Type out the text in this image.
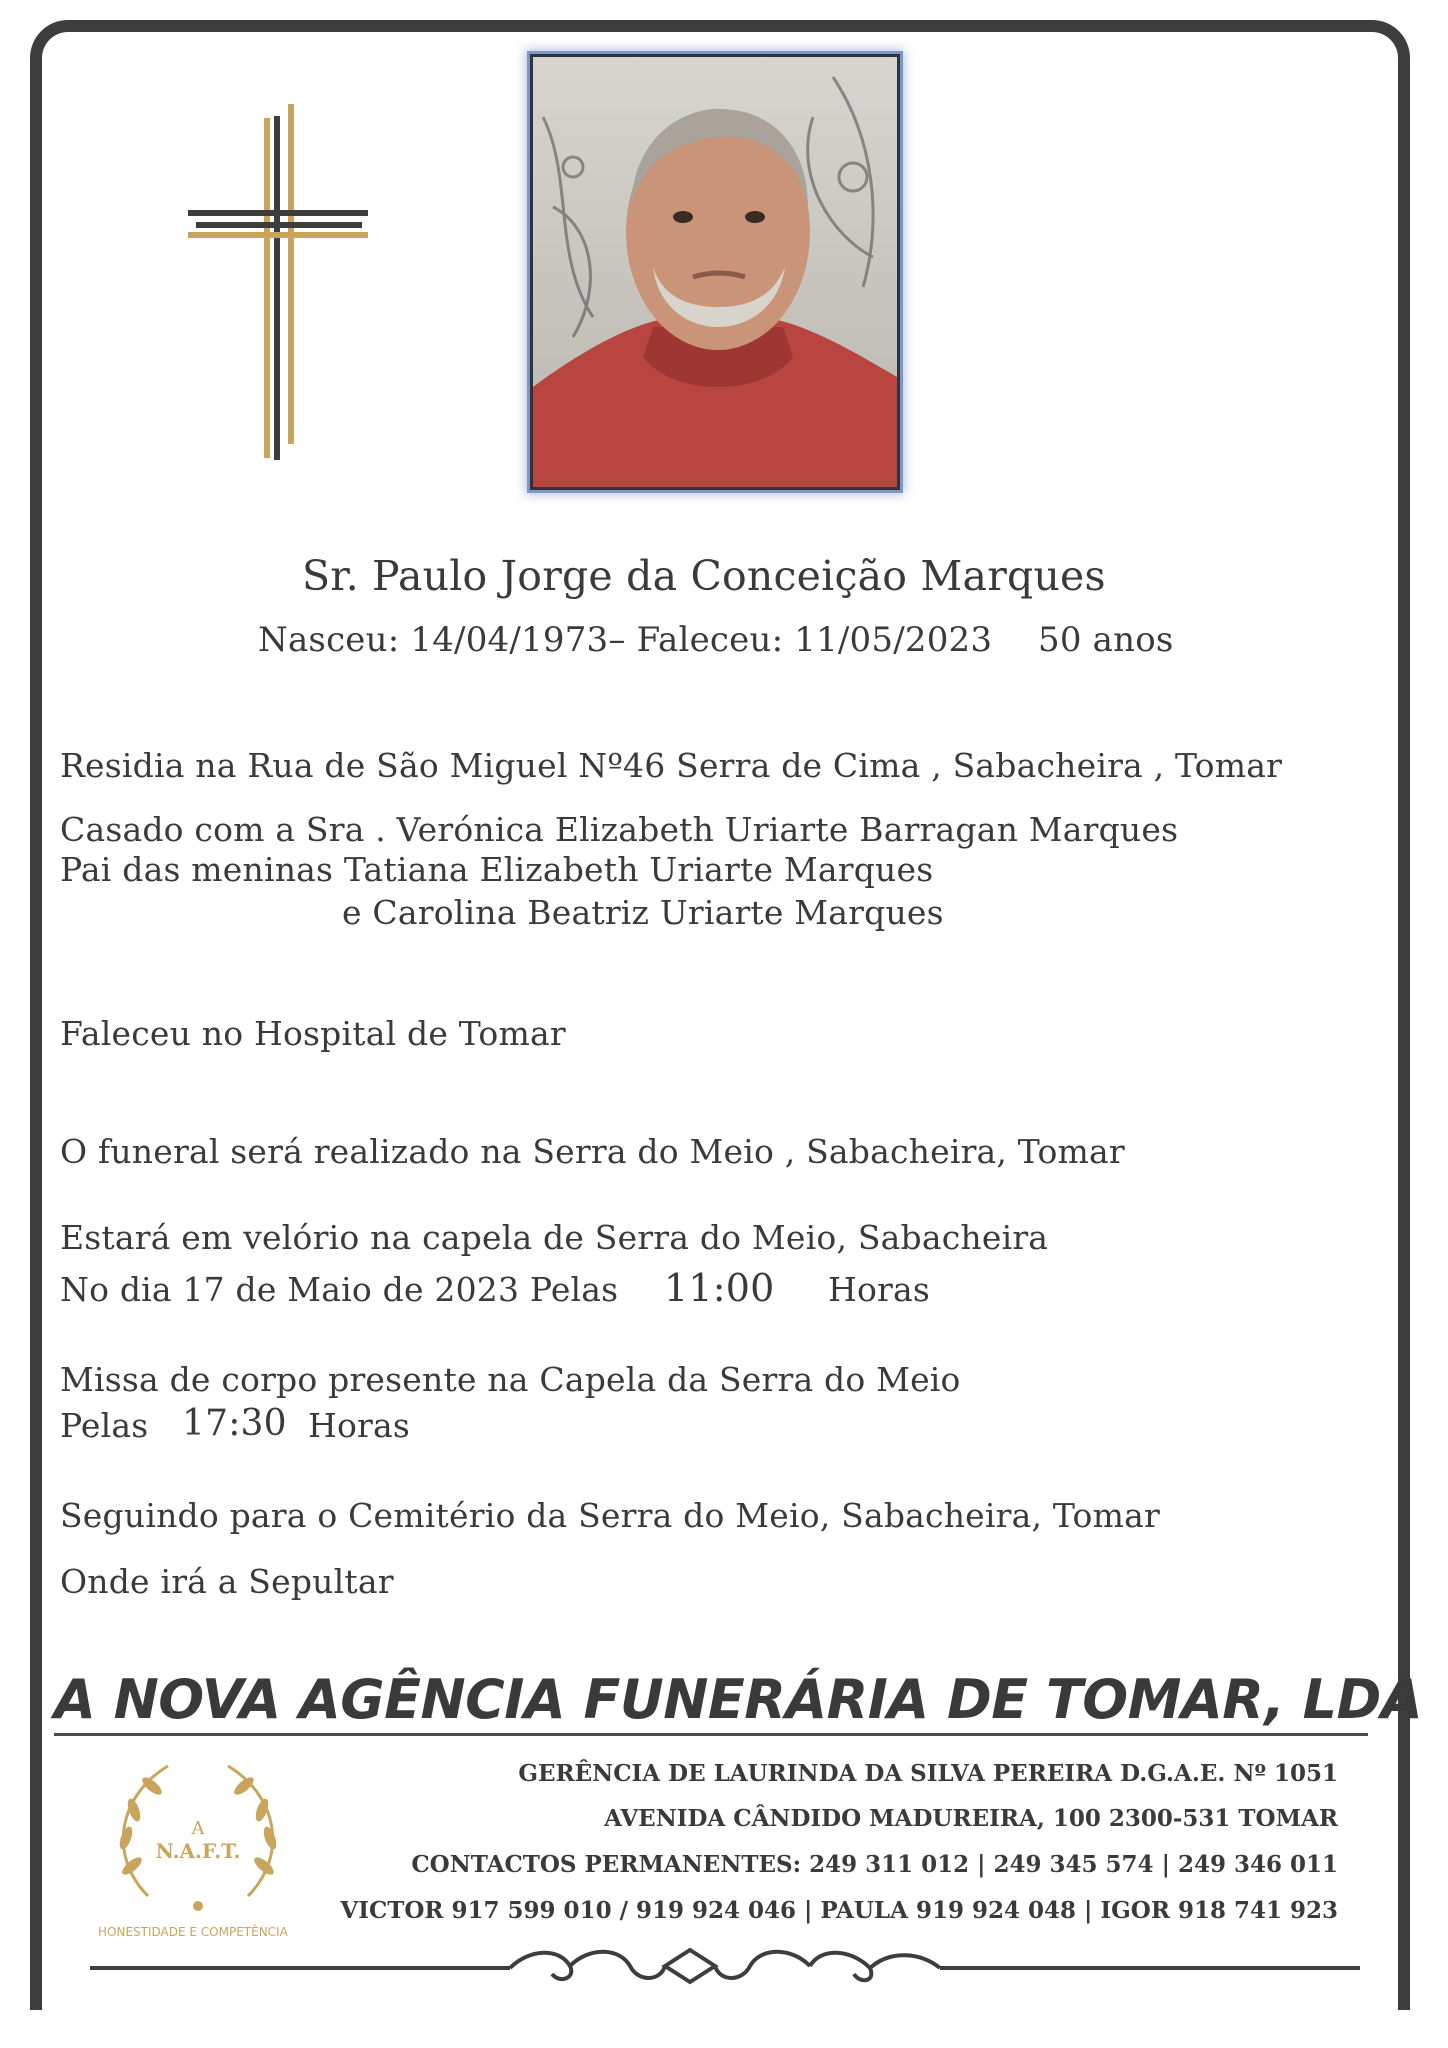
Sr. Paulo Jorge da Conceição Marques
Nasceu: 14/04/1973– Faleceu: 11/05/2023 50 anos
Residia na Rua de São Miguel Nº46 Serra de Cima , Sabacheira , Tomar
Casado com a Sra . Verónica Elizabeth Uriarte Barragan Marques
Pai das meninas Tatiana Elizabeth Uriarte Marques
e Carolina Beatriz Uriarte Marques
Faleceu no Hospital de Tomar
O funeral será realizado na Serra do Meio , Sabacheira, Tomar
Estará em velório na capela de Serra do Meio, Sabacheira
No dia 17 de Maio de 2023 Pelas 11:00 Horas
Missa de corpo presente na Capela da Serra do Meio
Pelas 17:30 Horas
Seguindo para o Cemitério da Serra do Meio, Sabacheira, Tomar
Onde irá a Sepultar
A NOVA AGÊNCIA FUNERÁRIA DE TOMAR, LDA
A
N.A.F.T.
HONESTIDADE E COMPETÊNCIA
GERÊNCIA DE LAURINDA DA SILVA PEREIRA D.G.A.E. Nº 1051
AVENIDA CÂNDIDO MADUREIRA, 100 2300-531 TOMAR
CONTACTOS PERMANENTES: 249 311 012 | 249 345 574 | 249 346 011
VICTOR 917 599 010 / 919 924 046 | PAULA 919 924 048 | IGOR 918 741 923
